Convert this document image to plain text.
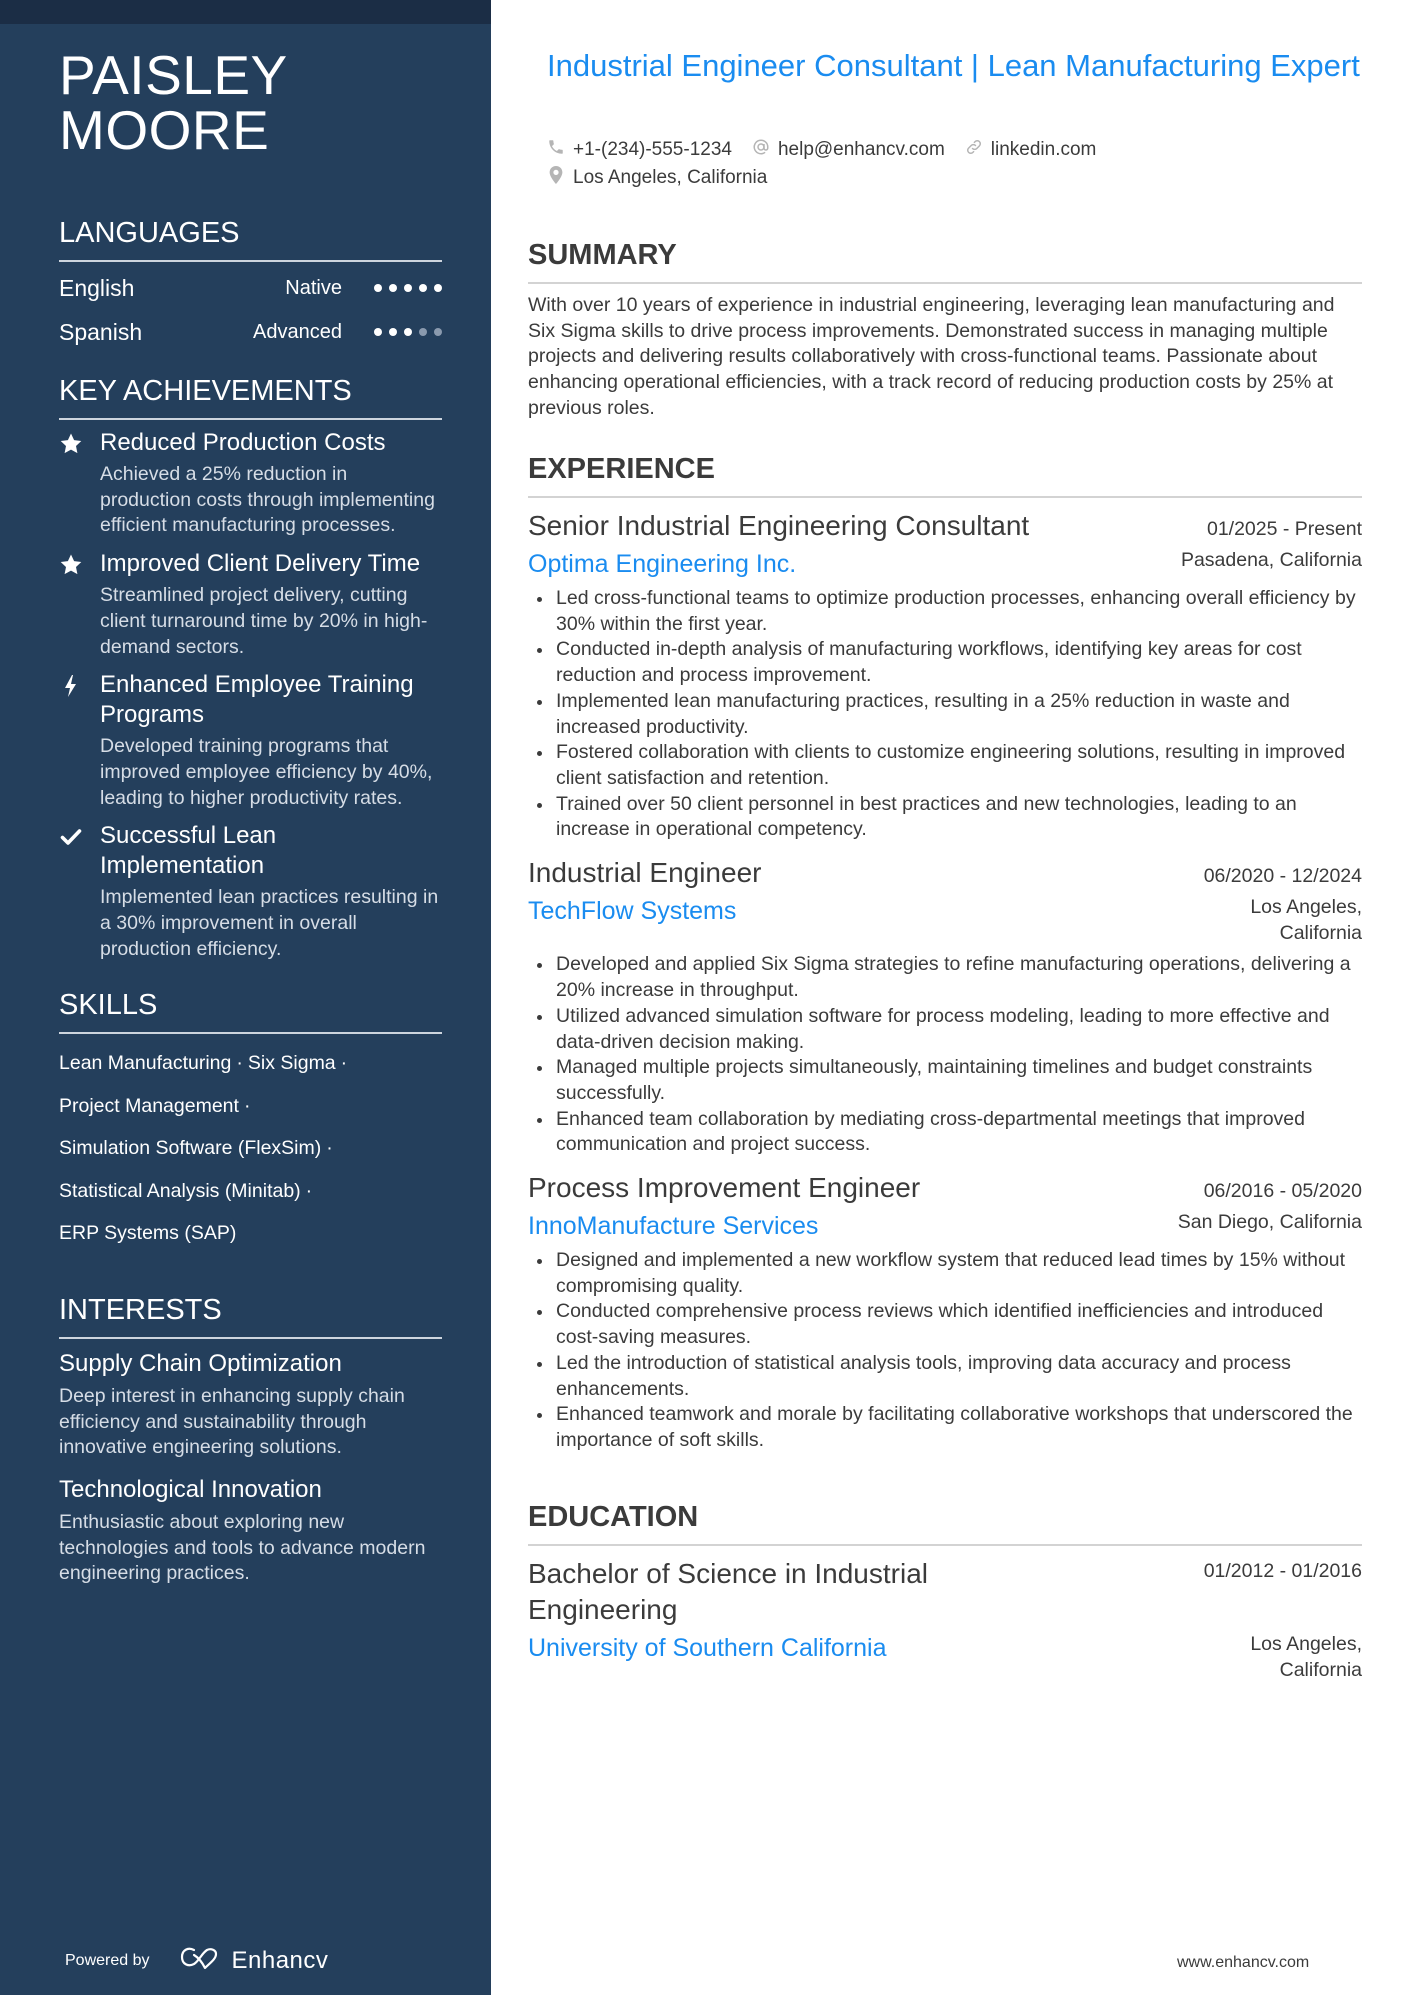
PAISLEY
MOORE
LANGUAGES
English	Native
Spanish	Advanced
KEY ACHIEVEMENTS
Reduced Production Costs
Achieved a 25% reduction in production costs through implementing efficient manufacturing processes.
Improved Client Delivery Time
Streamlined project delivery, cutting client turnaround time by 20% in high-demand sectors.
Enhanced Employee Training Programs
Developed training programs that improved employee efficiency by 40%, leading to higher productivity rates.
Successful Lean Implementation
Implemented lean practices resulting in a 30% improvement in overall production efficiency.
SKILLS
Lean Manufacturing · Six Sigma ·
Project Management ·
Simulation Software (FlexSim) ·
Statistical Analysis (Minitab) ·
ERP Systems (SAP)
INTERESTS
Supply Chain Optimization
Deep interest in enhancing supply chain efficiency and sustainability through innovative engineering solutions.
Technological Innovation
Enthusiastic about exploring new technologies and tools to advance modern engineering practices.
Powered by	Enhancv
Industrial Engineer Consultant | Lean Manufacturing Expert
+1-(234)-555-1234 help@enhancv.com linkedin.com
Los Angeles, California
SUMMARY

With over 10 years of experience in industrial engineering, leveraging lean manufacturing and Six Sigma skills to drive process improvements. Demonstrated success in managing multiple projects and delivering results collaboratively with cross-functional teams. Passionate about enhancing operational efficiencies, with a track record of reducing production costs by 25% at previous roles.

EXPERIENCE
Senior Industrial Engineering Consultant	01/2025 - Present
Optima Engineering Inc.	Pasadena, California
Led cross-functional teams to optimize production processes, enhancing overall efficiency by 30% within the first year.
Conducted in-depth analysis of manufacturing workflows, identifying key areas for cost reduction and process improvement.
Implemented lean manufacturing practices, resulting in a 25% reduction in waste and increased productivity.
Fostered collaboration with clients to customize engineering solutions, resulting in improved client satisfaction and retention.
Trained over 50 client personnel in best practices and new technologies, leading to an increase in operational competency.
Industrial Engineer	06/2020 - 12/2024
TechFlow Systems	Los Angeles, California
Developed and applied Six Sigma strategies to refine manufacturing operations, delivering a 20% increase in throughput.
Utilized advanced simulation software for process modeling, leading to more effective and data-driven decision making.
Managed multiple projects simultaneously, maintaining timelines and budget constraints successfully.
Enhanced team collaboration by mediating cross-departmental meetings that improved communication and project success.
Process Improvement Engineer	06/2016 - 05/2020
InnoManufacture Services	San Diego, California
Designed and implemented a new workflow system that reduced lead times by 15% without compromising quality.
Conducted comprehensive process reviews which identified inefficiencies and introduced cost-saving measures.
Led the introduction of statistical analysis tools, improving data accuracy and process enhancements.
Enhanced teamwork and morale by facilitating collaborative workshops that underscored the importance of soft skills.
EDUCATION
Bachelor of Science in Industrial Engineering
01/2012 - 01/2016
University of Southern California	Los Angeles, California
www.enhancv.com
